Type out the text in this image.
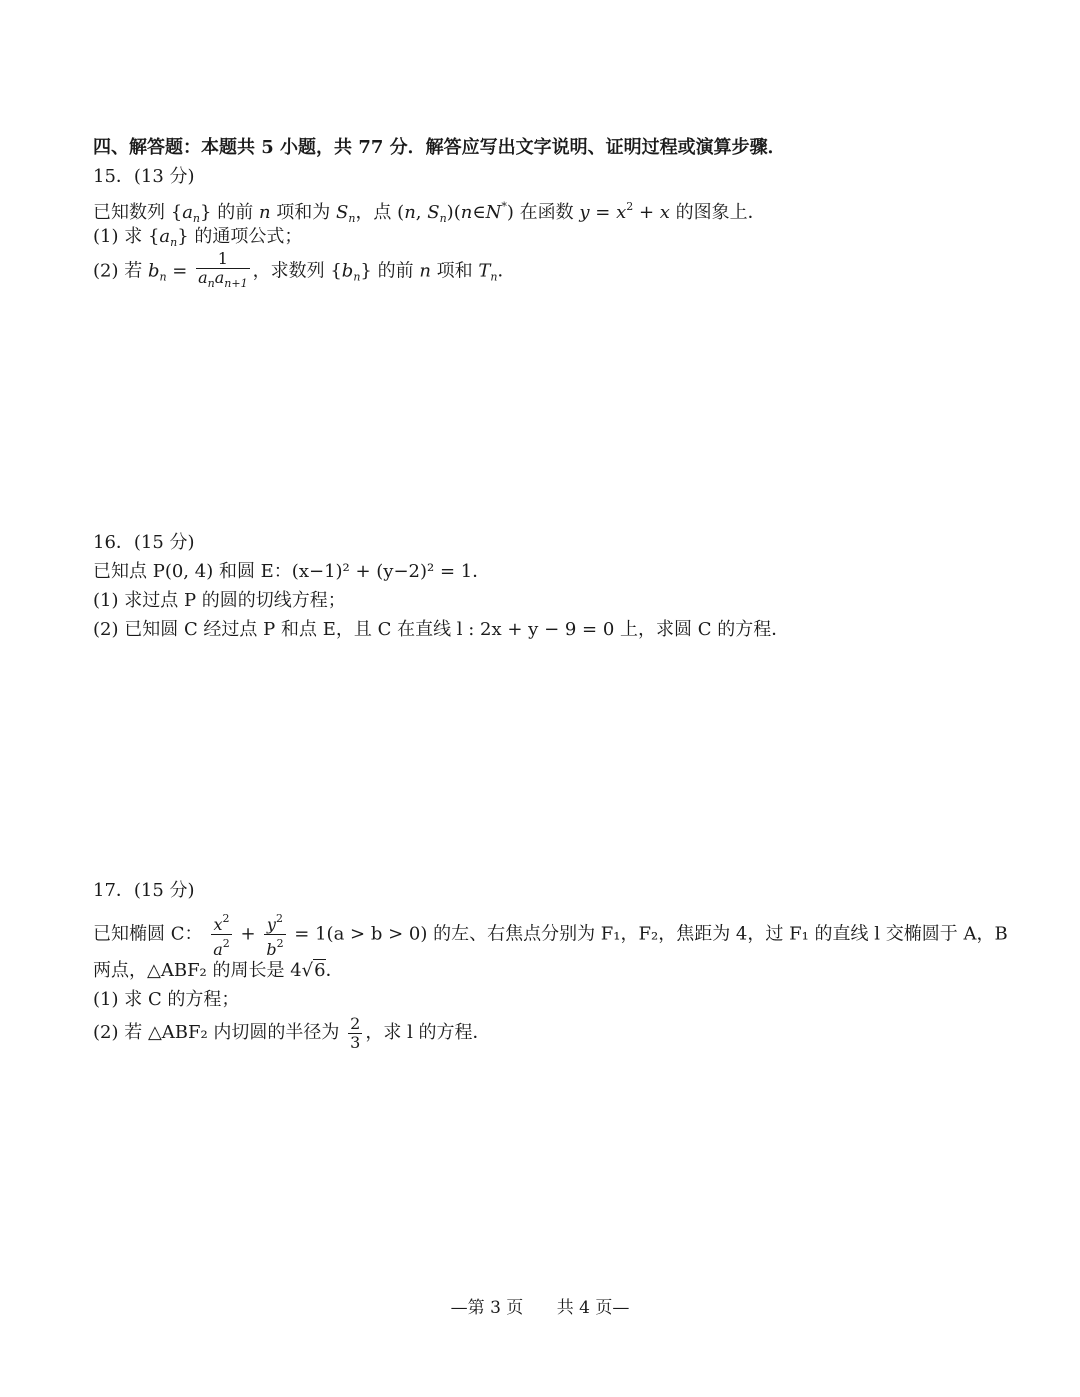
四、解答题：本题共 5 小题，共 77 分．解答应写出文字说明、证明过程或演算步骤．
15．(13 分)
已知数列 $\{a_n\}$ 的前 n 项和为 $S_n$，点 (n, $S_n)(n\in N^*)$ 在函数 $y = x^2 + x$ 的图象上．
(1) 求 $\{a_n\}$ 的通项公式；
(2) 若 $b_n = \frac{1}{a_na_{n+1}}$ ，求数列 $\{b_n\}$ 的前 n 项和 $T_n$．
16．(15 分)
已知点 P(0, 4) 和圆 E：(x−1)² + (y−2)² = 1．
(1) 求过点 P 的圆的切线方程；
(2) 已知圆 C 经过点 P 和点 E，且 C 在直线 l : 2x + y − 9 = 0 上，求圆 C 的方程．
17．(15 分)
已知椭圆 C： $\frac{x^2}{a^2} + \frac{y^2}{b^2} = 1(a > b > 0)$ 的左、右焦点分别为 F₁，F₂，焦距为 4，过 F₁ 的直线 l 交椭圆于 A，B
两点，△ABF₂ 的周长是 4√6．
(1) 求 C 的方程；
(2) 若 △ABF₂ 内切圆的半径为 $\frac{2}{3}$ ，求 l 的方程．
—第 3 页 共 4 页—
